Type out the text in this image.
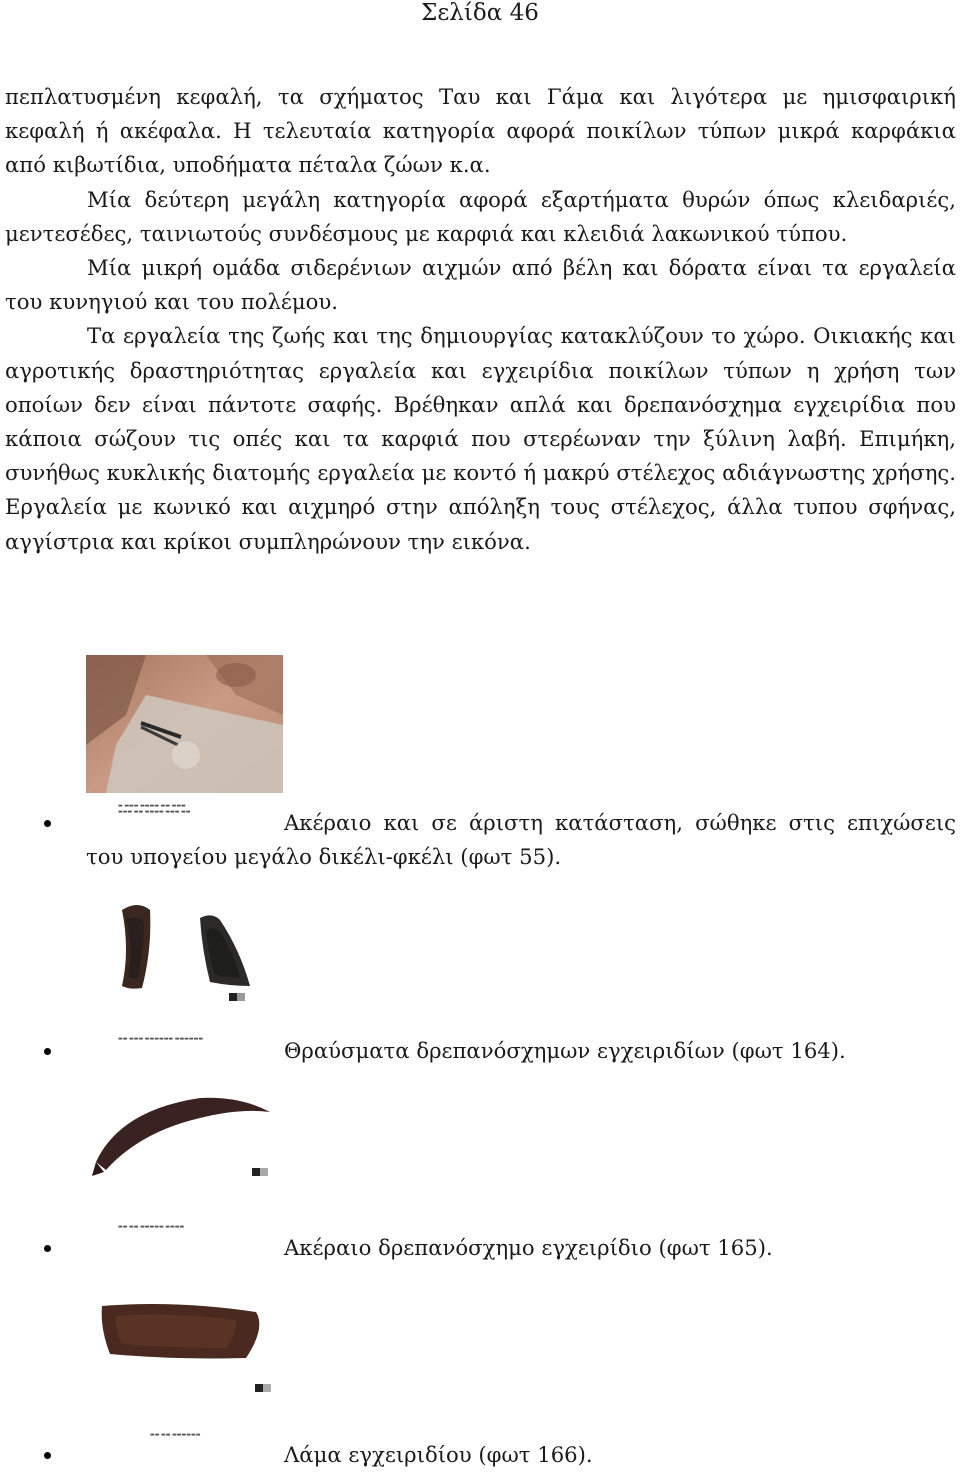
Σελίδα 46

πεπλατυσμένη κεφαλή, τα σχήματος Ταυ και Γάμα και λιγότερα με ημισφαιρική κεφαλή ή ακέφαλα. Η τελευταία κατηγορία αφορά ποικίλων τύπων μικρά καρφάκια από κιβωτίδια, υποδήματα πέταλα ζώων κ.α.

Μία δεύτερη μεγάλη κατηγορία αφορά εξαρτήματα θυρών όπως κλειδαριές, μεντεσέδες, ταινιωτούς συνδέσμους με καρφιά και κλειδιά λακωνικού τύπου.

Μία μικρή ομάδα σιδερένιων αιχμών από βέλη και δόρατα είναι τα εργαλεία του κυνηγιού και του πολέμου.

Τα εργαλεία της ζωής και της δημιουργίας κατακλύζουν το χώρο. Οικιακής και αγροτικής δραστηριότητας εργαλεία και εγχειρίδια ποικίλων τύπων η χρήση των οποίων δεν είναι πάντοτε σαφής. Βρέθηκαν απλά και δρεπανόσχημα εγχειρίδια που κάποια σώζουν τις οπές και τα καρφιά που στερέωναν την ξύλινη λαβή. Επιμήκη, συνήθως κυκλικής διατομής εργαλεία με κοντό ή μακρύ στέλεχος αδιάγνωστης χρήσης. Εργαλεία με κωνικό και αιχμηρό στην απόληξη τους στέλεχος, άλλα τυπου σφήνας, αγγίστρια και κρίκοι συμπληρώνουν την εικόνα.

▬ ▬▬▬ ▬▬▬▬ ▬▬ ▬▬▬
▬▬▬ ▬▬ ▬▬▬▬ ▬▬▬ ▬▬	Ακέραιο και σε άριστη κατάσταση, σώθηκε στις επιχώσεις του υπογείου μεγάλο δικέλι-φκέλι (φωτ 55).
▬▬ ▬▬▬ ▬▬▬▬▬▬ ▬▬▬▬▬▬	Θραύσματα δρεπανόσχημων εγχειριδίων (φωτ 164).
▬▬ ▬▬ ▬▬▬▬▬ ▬▬▬▬
Ακέραιο δρεπανόσχημο εγχειρίδιο (φωτ 165).
▬▬ ▬▬ ▬▬▬▬▬▬
Λάμα εγχειριδίου (φωτ 166).
